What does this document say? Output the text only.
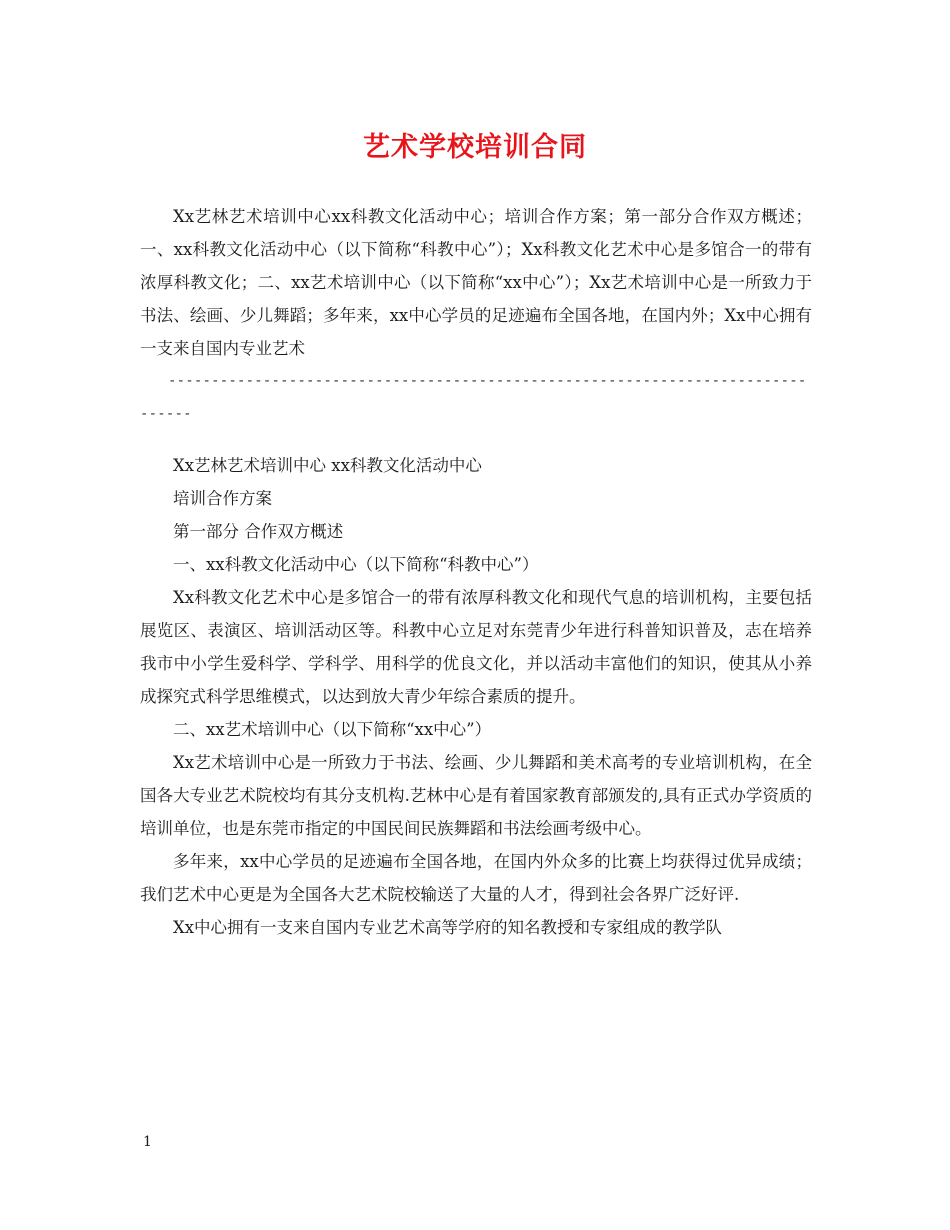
艺术学校培训合同

Xx艺林艺术培训中心xx科教文化活动中心；培训合作方案；第一部分合作双方概述；一、xx科教文化活动中心（以下简称“科教中心”）；Xx科教文化艺术中心是多馆合一的带有浓厚科教文化；二、xx艺术培训中心（以下简称“xx中心”）；Xx艺术培训中心是一所致力于书法、绘画、少儿舞蹈；多年来，xx中心学员的足迹遍布全国各地，在国内外；Xx中心拥有一支来自国内专业艺术

--------------------------------------------------------------------------------

Xx艺林艺术培训中心 xx科教文化活动中心

培训合作方案

第一部分 合作双方概述

一、xx科教文化活动中心（以下简称“科教中心”）

Xx科教文化艺术中心是多馆合一的带有浓厚科教文化和现代气息的培训机构，主要包括展览区、表演区、培训活动区等。科教中心立足对东莞青少年进行科普知识普及，志在培养我市中小学生爱科学、学科学、用科学的优良文化，并以活动丰富他们的知识，使其从小养成探究式科学思维模式，以达到放大青少年综合素质的提升。

二、xx艺术培训中心（以下简称“xx中心”）

Xx艺术培训中心是一所致力于书法、绘画、少儿舞蹈和美术高考的专业培训机构，在全国各大专业艺术院校均有其分支机构.艺林中心是有着国家教育部颁发的,具有正式办学资质的培训单位，也是东莞市指定的中国民间民族舞蹈和书法绘画考级中心。

多年来，xx中心学员的足迹遍布全国各地，在国内外众多的比赛上均获得过优异成绩；我们艺术中心更是为全国各大艺术院校输送了大量的人才，得到社会各界广泛好评.

Xx中心拥有一支来自国内专业艺术高等学府的知名教授和专家组成的教学队

1
